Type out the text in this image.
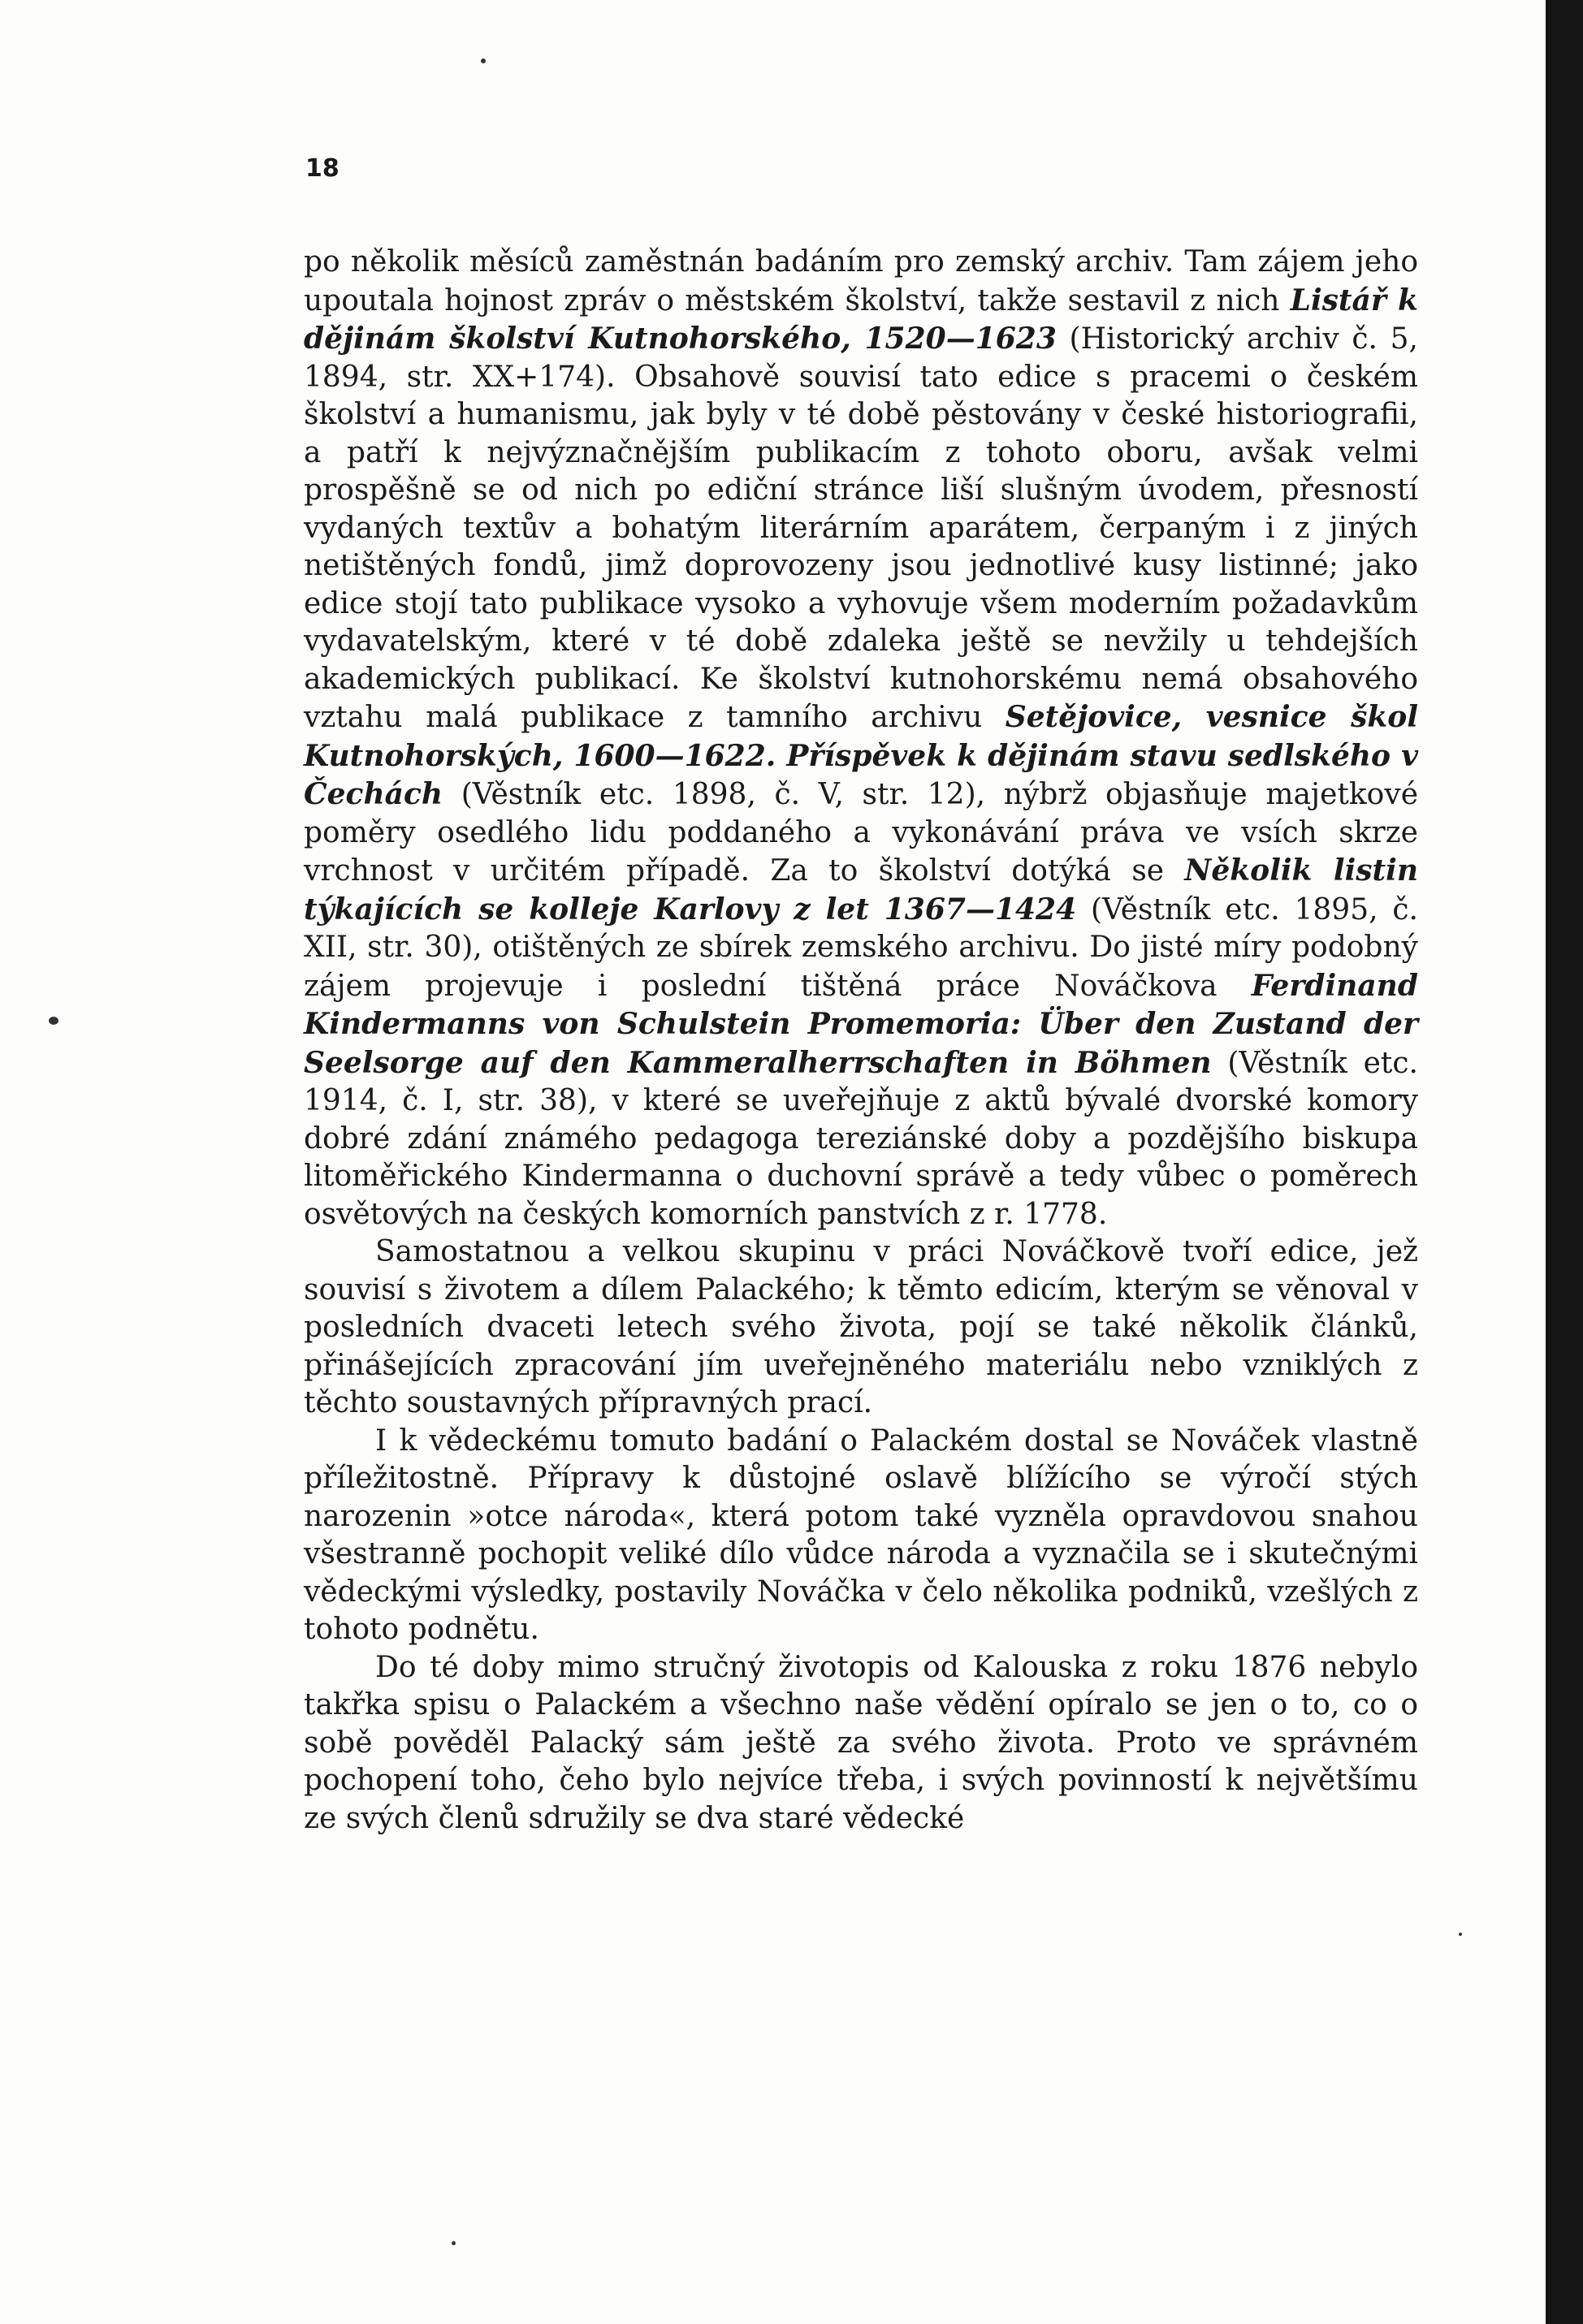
18

po několik měsíců zaměstnán badáním pro zemský archiv. Tam zájem jeho upoutala hojnost zpráv o městském školství, takže sestavil z nich Listář k dějinám školství Kutnohorského, 1520—1623 (Historický archiv č. 5, 1894, str. XX+174). Obsahově souvisí tato edice s pracemi o českém školství a humanismu, jak byly v té době pěstovány v české historiografii, a patří k nejvýznačnějším publikacím z tohoto oboru, avšak velmi prospěšně se od nich po ediční stránce liší slušným úvodem, přesností vydaných textův a bohatým literárním aparátem, čerpaným i z jiných netištěných fondů, jimž doprovozeny jsou jednotlivé kusy listinné; jako edice stojí tato publikace vysoko a vyhovuje všem moderním požadavkům vydavatelským, které v té době zdaleka ještě se nevžily u tehdejších akademických publikací. Ke školství kutnohorskému nemá obsahového vztahu malá publikace z tamního archivu Setějovice, vesnice škol Kutnohorských, 1600—1622. Příspěvek k dějinám stavu sedlského v Čechách (Věstník etc. 1898, č. V, str. 12), nýbrž objasňuje majetkové poměry osedlého lidu poddaného a vykonávání práva ve vsích skrze vrchnost v určitém případě. Za to školství dotýká se Několik listin týkajících se kolleje Karlovy z let 1367—1424 (Věstník etc. 1895, č. XII, str. 30), otištěných ze sbírek zemského archivu. Do jisté míry podobný zájem projevuje i poslední tištěná práce Nováčkova Ferdinand Kindermanns von Schulstein Promemoria: Über den Zustand der Seelsorge auf den Kammeralherrschaften in Böhmen (Věstník etc. 1914, č. I, str. 38), v které se uveřejňuje z aktů bývalé dvorské komory dobré zdání známého pedagoga tereziánské doby a pozdějšího biskupa litoměřického Kindermanna o duchovní správě a tedy vůbec o poměrech osvětových na českých komorních panstvích z r. 1778.

Samostatnou a velkou skupinu v práci Nováčkově tvoří edice, jež souvisí s životem a dílem Palackého; k těmto edicím, kterým se věnoval v posledních dvaceti letech svého života, pojí se také několik článků, přinášejících zpracování jím uveřejněného materiálu nebo vzniklých z těchto soustavných přípravných prací.

I k vědeckému tomuto badání o Palackém dostal se Nováček vlastně příležitostně. Přípravy k důstojné oslavě blížícího se výročí stých narozenin »otce národa«, která potom také vyzněla opravdovou snahou všestranně pochopit veliké dílo vůdce národa a vyznačila se i skutečnými vědeckými výsledky, postavily Nováčka v čelo několika podniků, vzešlých z tohoto podnětu.

Do té doby mimo stručný životopis od Kalouska z roku 1876 nebylo takřka spisu o Palackém a všechno naše vědění opíralo se jen o to, co o sobě pověděl Palacký sám ještě za svého života. Proto ve správném pochopení toho, čeho bylo nejvíce třeba, i svých povinností k největšímu ze svých členů sdružily se dva staré vědecké
